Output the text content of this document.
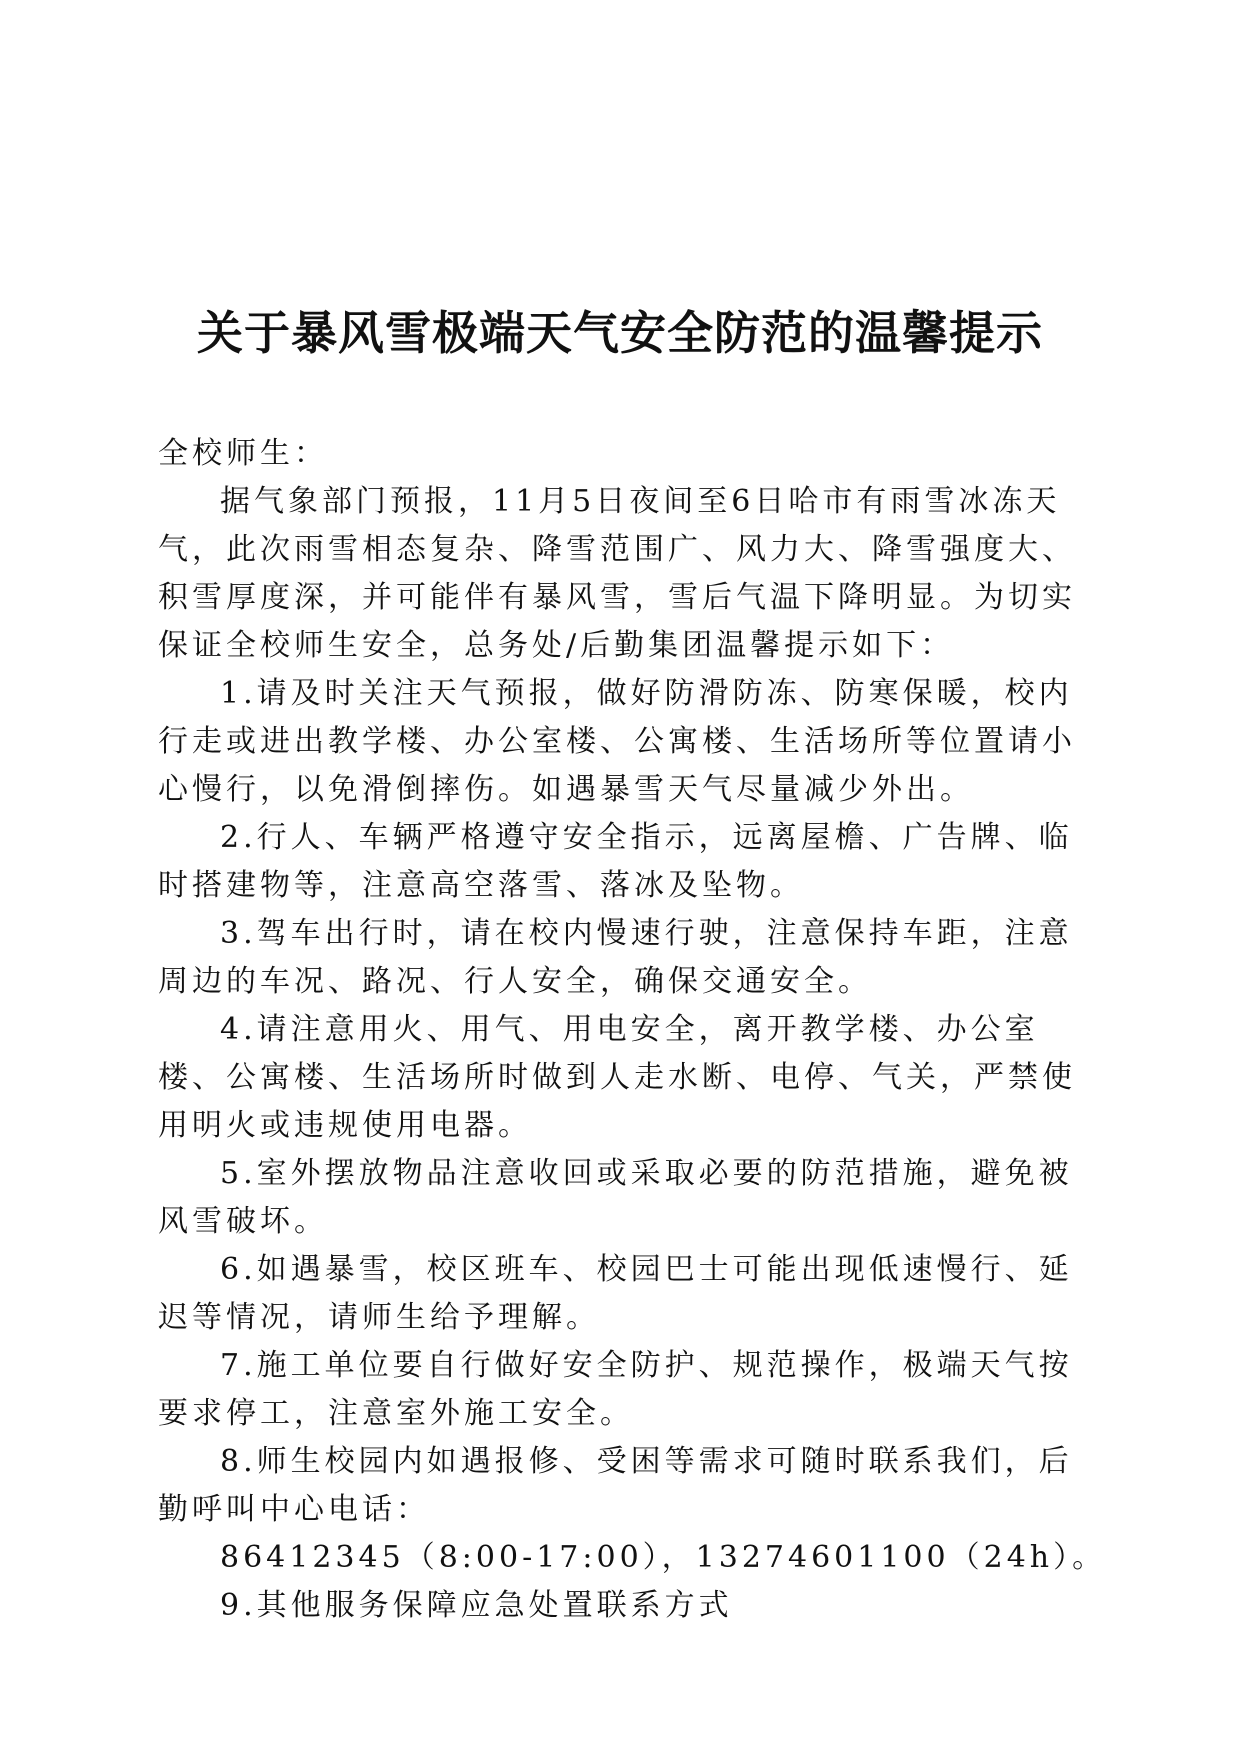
关于暴风雪极端天气安全防范的温馨提示

全校师生：

据气象部门预报，11月5日夜间至6日哈市有雨雪冰冻天气，此次雨雪相态复杂、降雪范围广、风力大、降雪强度大、积雪厚度深，并可能伴有暴风雪，雪后气温下降明显。为切实保证全校师生安全，总务处/后勤集团温馨提示如下：

1.请及时关注天气预报，做好防滑防冻、防寒保暖，校内行走或进出教学楼、办公室楼、公寓楼、生活场所等位置请小心慢行，以免滑倒摔伤。如遇暴雪天气尽量减少外出。

2.行人、车辆严格遵守安全指示，远离屋檐、广告牌、临时搭建物等，注意高空落雪、落冰及坠物。

3.驾车出行时，请在校内慢速行驶，注意保持车距，注意周边的车况、路况、行人安全，确保交通安全。

4.请注意用火、用气、用电安全，离开教学楼、办公室楼、公寓楼、生活场所时做到人走水断、电停、气关，严禁使用明火或违规使用电器。

5.室外摆放物品注意收回或采取必要的防范措施，避免被风雪破坏。

6.如遇暴雪，校区班车、校园巴士可能出现低速慢行、延迟等情况，请师生给予理解。

7.施工单位要自行做好安全防护、规范操作，极端天气按要求停工，注意室外施工安全。

8.师生校园内如遇报修、受困等需求可随时联系我们，后勤呼叫中心电话：

86412345（8:00-17:00），13274601100（24h）。

9.其他服务保障应急处置联系方式
